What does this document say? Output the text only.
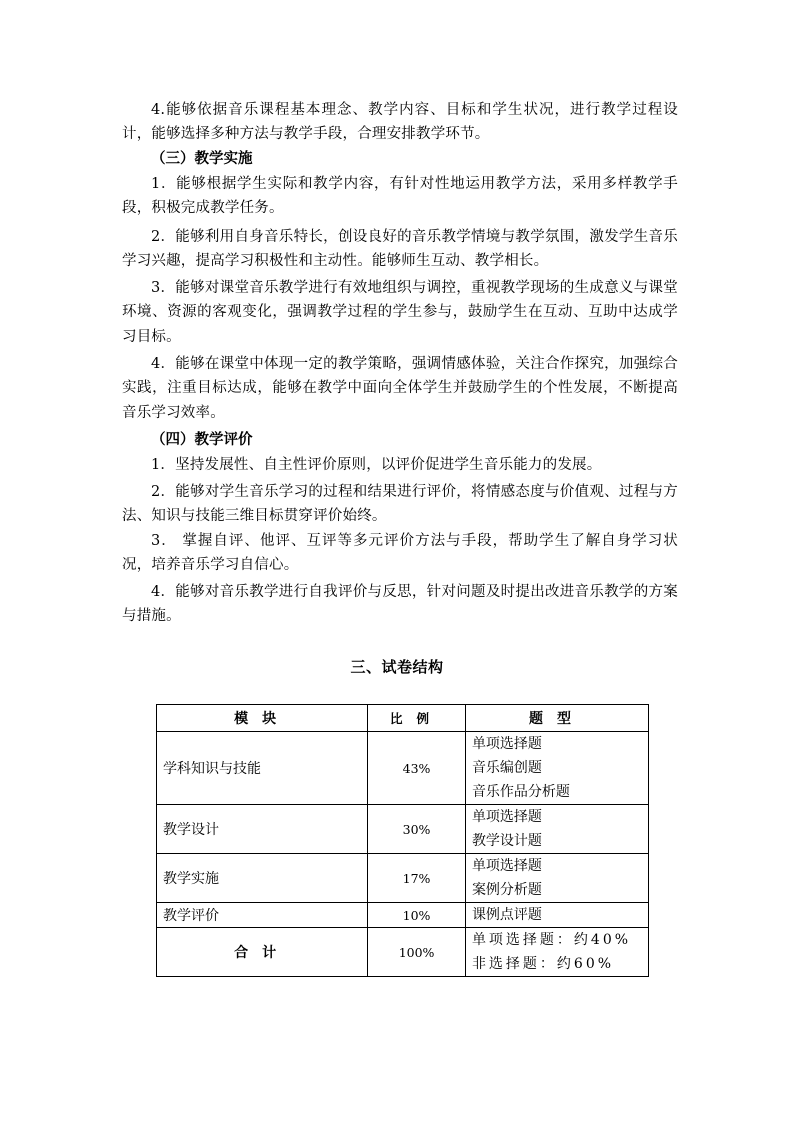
4.能够依据音乐课程基本理念、教学内容、目标和学生状况，进行教学过程设计，能够选择多种方法与教学手段，合理安排教学环节。

（三）教学实施

1．能够根据学生实际和教学内容，有针对性地运用教学方法，采用多样教学手段，积极完成教学任务。

2．能够利用自身音乐特长，创设良好的音乐教学情境与教学氛围，激发学生音乐学习兴趣，提高学习积极性和主动性。能够师生互动、教学相长。

3．能够对课堂音乐教学进行有效地组织与调控，重视教学现场的生成意义与课堂环境、资源的客观变化，强调教学过程的学生参与，鼓励学生在互动、互助中达成学习目标。

4．能够在课堂中体现一定的教学策略，强调情感体验，关注合作探究，加强综合实践，注重目标达成，能够在教学中面向全体学生并鼓励学生的个性发展，不断提高音乐学习效率。

（四）教学评价

1．坚持发展性、自主性评价原则，以评价促进学生音乐能力的发展。

2．能够对学生音乐学习的过程和结果进行评价，将情感态度与价值观、过程与方法、知识与技能三维目标贯穿评价始终。

3． 掌握自评、他评、互评等多元评价方法与手段，帮助学生了解自身学习状况，培养音乐学习自信心。

4．能够对音乐教学进行自我评价与反思，针对问题及时提出改进音乐教学的方案与措施。

三、试卷结构
模块	比例	题型
学科知识与技能	43%	单项选择题
音乐编创题
音乐作品分析题

教学设计	30%	单项选择题
教学设计题

教学实施	17%	单项选择题
案例分析题

教学评价	10%	课例点评题

合计	100%	单项选择题：约40%
非选择题：约60%
